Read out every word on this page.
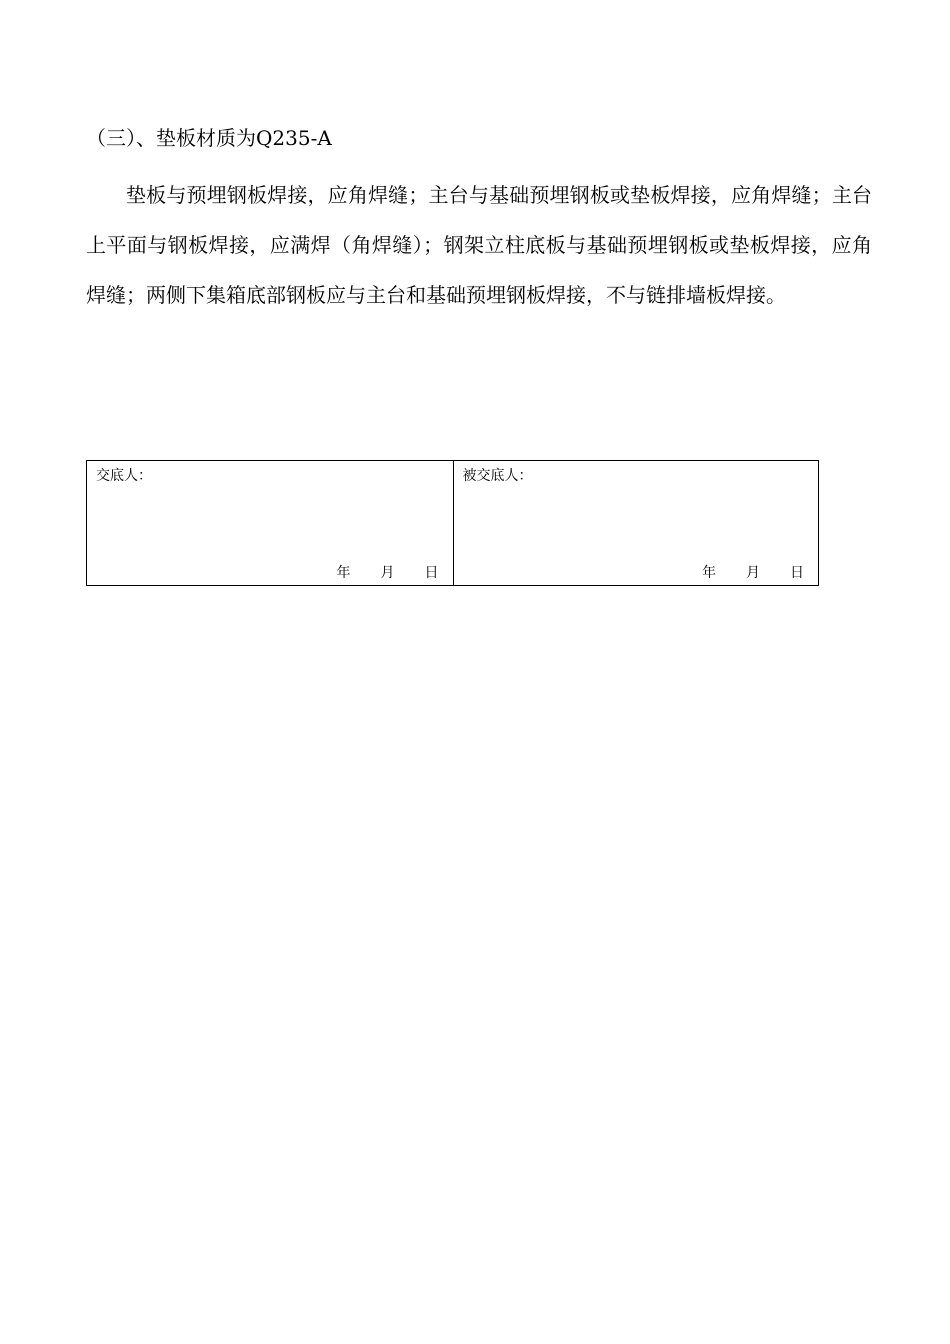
（三）、垫板材质为Q235-A

垫板与预埋钢板焊接，应角焊缝；主台与基础预埋钢板或垫板焊接，应角焊缝；主台上平面与钢板焊接，应满焊（角焊缝）；钢架立柱底板与基础预埋钢板或垫板焊接，应角焊缝；两侧下集箱底部钢板应与主台和基础预埋钢板焊接，不与链排墙板焊接。

交底人：
年 月 日
被交底人：
年 月 日
